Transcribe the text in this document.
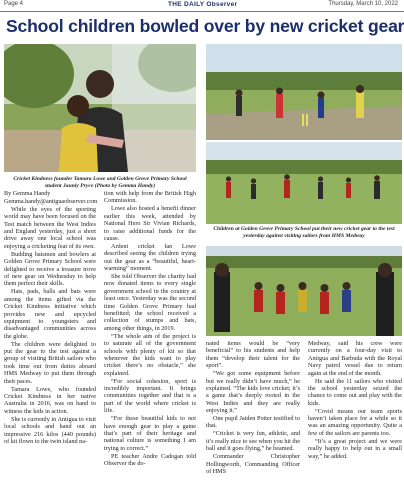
Page 4	THE DAILY Observer	Thursday, March 10, 2022
School children bowled over by new cricket gear
Cricket Kindness founder Tamara Lowe and Golden Grove Primary School student Jauniy Pryce (Photo by Gemma Handy)
Children at Golden Grove Primary School put their new cricket gear to the test yesterday against visiting sailors from HMS Medway

By Gemma Handy

Gemma.handy@antiguaobserver.com

While the eyes of the sporting world may have been focused on the Test match between the West Indies and England yesterday, just a short drive away one local school was enjoying a cricketing feat of its own.

Budding batsmen and bowlers at Golden Grove Primary School were delighted to receive a treasure trove of new gear on Wednesday to help them perfect their skills.

Hats, pads, balls and bats were among the items gifted via the Cricket Kindness initiative which provides new and upcycled equipment to youngsters and disadvantaged communities across the globe.

The children were delighted to put the gear to the test against a group of visiting British sailors who took time out from duties aboard HMS Medway to put them through their paces.

Tamara Lowe, who founded Cricket Kindness in her native Australia in 2016, was on hand to witness the kids in action.

She is currently in Antigua to visit local schools and hand out an impressive 216 kilos (440 pounds) of kit flown to the twin island na-

tion with help from the British High Commission.

Lowe also hosted a benefit dinner earlier this week, attended by National Hero Sir Vivian Richards, to raise additional funds for the cause.

Ardent cricket fan Lowe described seeing the children trying out the gear as a “beautiful, heart-warming” moment.

She told Observer the charity had now donated items to every single government school in the country at least once. Yesterday was the second time Golden Grove Primary had benefitted; the school received a collection of stumps and bats, among other things, in 2019.

“The whole aim of the project is to saturate all of the government schools with plenty of kit so that whenever the kids want to play cricket there’s no obstacle,” she explained.

“For social cohesion, sport is incredibly important. It brings communities together and that is a part of the world where cricket is life.

“For these beautiful kids to not have enough gear to play a game that’s part of their heritage and national culture is something I am trying to correct.”

PE teacher Andre Cadogan told Observer the do-

nated items would be “very beneficial” to his students and help them “develop their talent for the sport”.

“We got some equipment before but we really didn’t have much,” he explained. “The kids love cricket; it’s a game that’s deeply rooted in the West Indies and they are really enjoying it.”

One pupil Jaiden Potter testified to that.

“Cricket is very fun, athletic, and it’s really nice to see when you hit the ball and it goes flying,” he beamed.

Commander Christopher Hollingworth, Commanding Officer of HMS

Medway, said his crew were currently on a four-day visit to Antigua and Barbuda with the Royal Navy patrol vessel due to return again at the end of the month.

He said the 11 sailors who visited the school yesterday seized the chance to come out and play with the kids.

“Covid means our team sports haven’t taken place for a while so it was an amazing opportunity. Quite a few of the sailors are parents too.

“It’s a great project and we were really happy to help out in a small way,” he added.
